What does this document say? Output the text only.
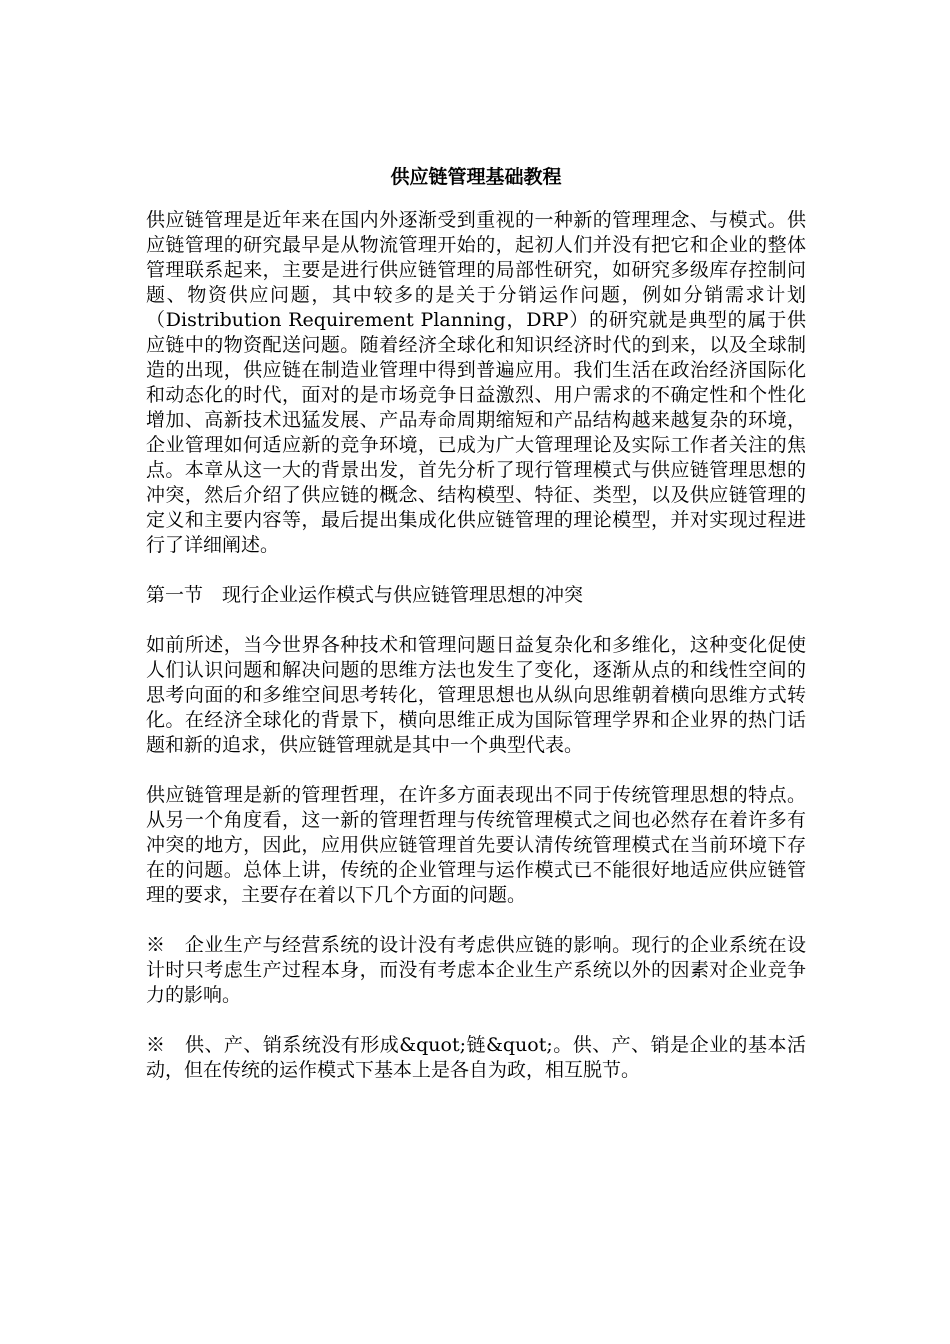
供应链管理基础教程

供应链管理是近年来在国内外逐渐受到重视的一种新的管理理念、与模式。供应链管理的研究最早是从物流管理开始的，起初人们并没有把它和企业的整体管理联系起来，主要是进行供应链管理的局部性研究，如研究多级库存控制问题、物资供应问题，其中较多的是关于分销运作问题，例如分销需求计划（Distribution Requirement Planning，DRP）的研究就是典型的属于供应链中的物资配送问题。随着经济全球化和知识经济时代的到来，以及全球制造的出现，供应链在制造业管理中得到普遍应用。我们生活在政治经济国际化和动态化的时代，面对的是市场竞争日益激烈、用户需求的不确定性和个性化增加、高新技术迅猛发展、产品寿命周期缩短和产品结构越来越复杂的环境，企业管理如何适应新的竞争环境，已成为广大管理理论及实际工作者关注的焦点。本章从这一大的背景出发，首先分析了现行管理模式与供应链管理思想的冲突，然后介绍了供应链的概念、结构模型、特征、类型，以及供应链管理的定义和主要内容等，最后提出集成化供应链管理的理论模型，并对实现过程进行了详细阐述。

第一节　现行企业运作模式与供应链管理思想的冲突

如前所述，当今世界各种技术和管理问题日益复杂化和多维化，这种变化促使人们认识问题和解决问题的思维方法也发生了变化，逐渐从点的和线性空间的思考向面的和多维空间思考转化，管理思想也从纵向思维朝着横向思维方式转化。在经济全球化的背景下，横向思维正成为国际管理学界和企业界的热门话题和新的追求，供应链管理就是其中一个典型代表。

供应链管理是新的管理哲理，在许多方面表现出不同于传统管理思想的特点。从另一个角度看，这一新的管理哲理与传统管理模式之间也必然存在着许多有冲突的地方，因此，应用供应链管理首先要认清传统管理模式在当前环境下存在的问题。总体上讲，传统的企业管理与运作模式已不能很好地适应供应链管理的要求，主要存在着以下几个方面的问题。

※　企业生产与经营系统的设计没有考虑供应链的影响。现行的企业系统在设计时只考虑生产过程本身，而没有考虑本企业生产系统以外的因素对企业竞争力的影响。

※　供、产、销系统没有形成&quot;链&quot;。供、产、销是企业的基本活动，但在传统的运作模式下基本上是各自为政，相互脱节。
